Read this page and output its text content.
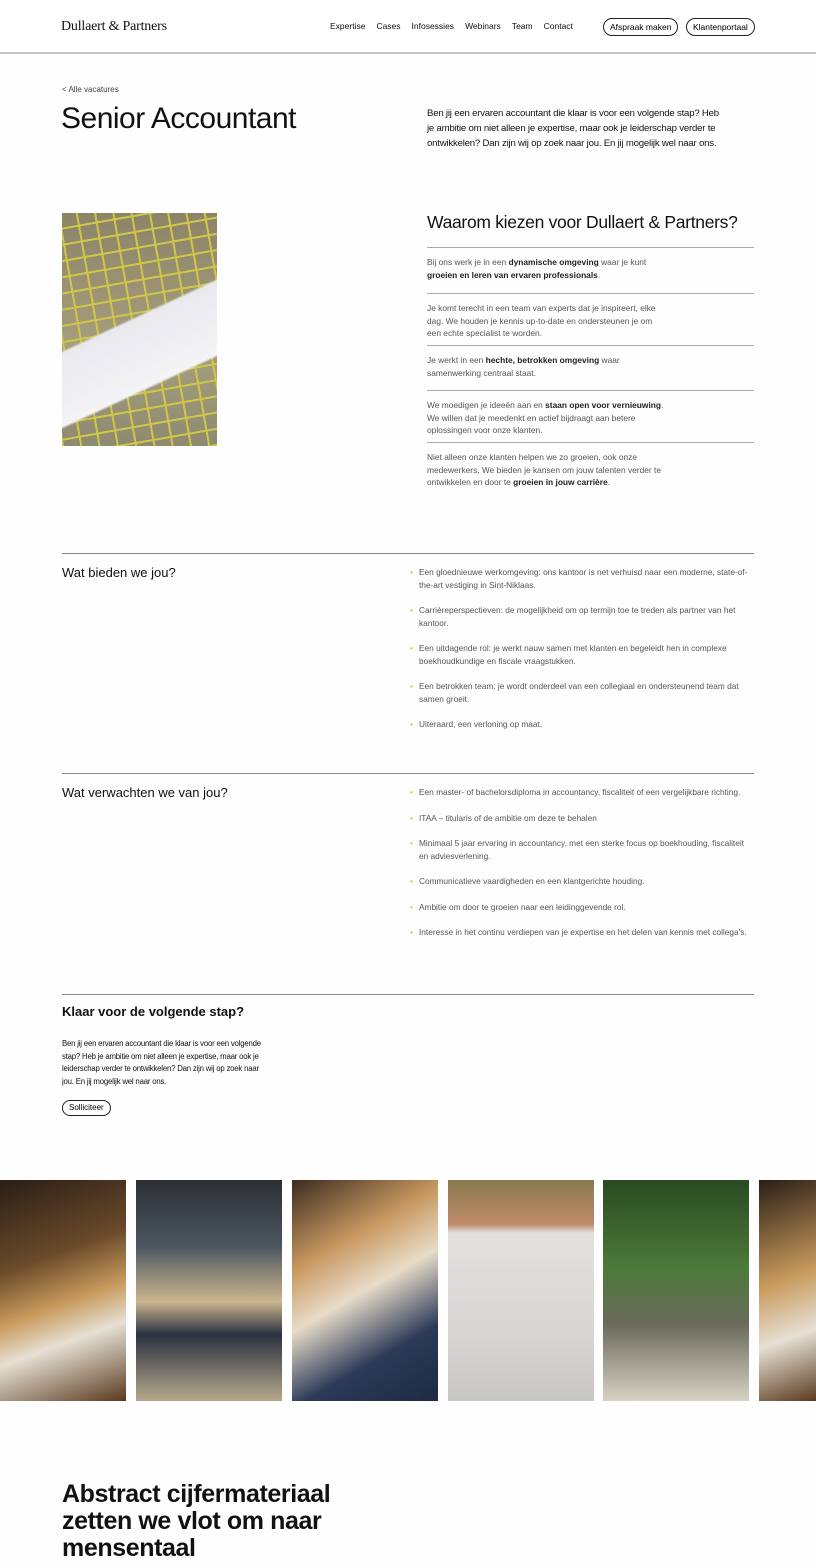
Dullaert & Partners	Expertise Cases Infosessies Webinars Team Contact	Afspraak maken	Klantenportaal
< Alle vacatures
Senior Accountant	Ben jij een ervaren accountant die klaar is voor een volgende stap? Heb je ambitie om niet alleen je expertise, maar ook je leiderschap verder te ontwikkelen? Dan zijn wij op zoek naar jou. En jij mogelijk wel naar ons.

Waarom kiezen voor Dullaert & Partners?
Bij ons werk je in een dynamische omgeving waar je kunt groeien en leren van ervaren professionals.
Je komt terecht in een team van experts dat je inspireert, elke dag. We houden je kennis up-to-date en ondersteunen je om een echte specialist te worden.
Je werkt in een hechte, betrokken omgeving waar samenwerking centraal staat.
We moedigen je ideeën aan en staan open voor vernieuwing. We willen dat je meedenkt en actief bijdraagt aan betere oplossingen voor onze klanten.
Niet alleen onze klanten helpen we zo groeien, ook onze medewerkers. We bieden je kansen om jouw talenten verder te ontwikkelen en door te groeien in jouw carrière.
Wat bieden we jou?	• Een gloednieuwe werkomgeving: ons kantoor is net verhuisd naar een moderne, state-of-the-art vestiging in Sint-Niklaas.
• Carrièreperspectieven: de mogelijkheid om op termijn toe te treden als partner van het kantoor.
• Een uitdagende rol: je werkt nauw samen met klanten en begeleidt hen in complexe boekhoudkundige en fiscale vraagstukken.
• Een betrokken team: je wordt onderdeel van een collegiaal en ondersteunend team dat samen groeit.
• Uiteraard, een verloning op maat.
Wat verwachten we van jou?	• Een master- of bachelorsdiploma in accountancy, fiscaliteit of een vergelijkbare richting.
• ITAA – titularis of de ambitie om deze te behalen
• Minimaal 5 jaar ervaring in accountancy, met een sterke focus op boekhouding, fiscaliteit en adviesverlening.
• Communicatieve vaardigheden en een klantgerichte houding.
• Ambitie om door te groeien naar een leidinggevende rol.
• Interesse in het continu verdiepen van je expertise en het delen van kennis met collega's.
Klaar voor de volgende stap?

Ben jij een ervaren accountant die klaar is voor een volgende stap? Heb je ambitie om niet alleen je expertise, maar ook je leiderschap verder te ontwikkelen? Dan zijn wij op zoek naar jou. En jij mogelijk wel naar ons.

Solliciteer
Abstract cijfermateriaal zetten we vlot om naar mensentaal
